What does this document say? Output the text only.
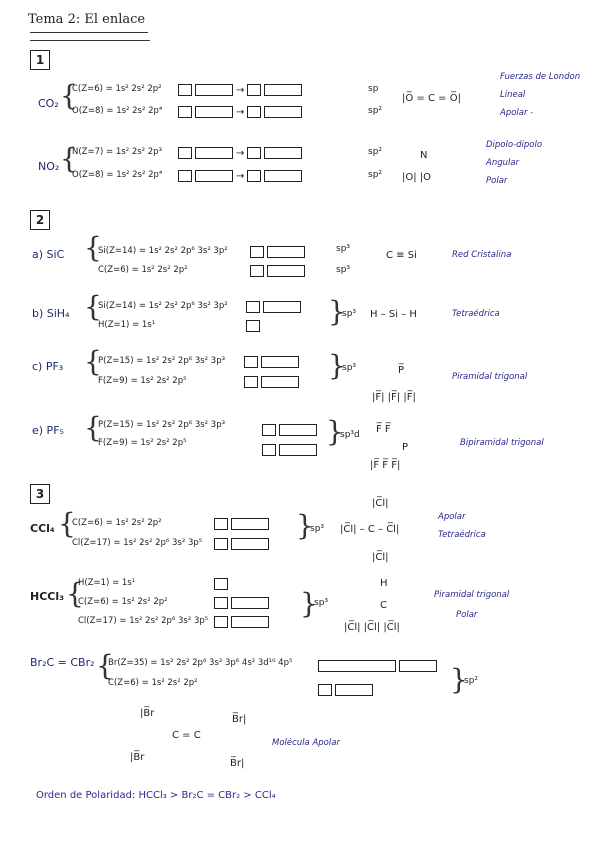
Tema 2: El enlace
1
CO₂ {
C(Z=6) = 1s² 2s² 2p²
O(Z=8) = 1s² 2s² 2p⁴
→
→
sp
sp²
|O̅ = C = O̅|
Fuerzas de London
Lineal
Apolar -
NO₂ {
N(Z=7) = 1s² 2s² 2p³
O(Z=8) = 1s² 2s² 2p⁴
→
→
sp²
sp²
N
|O| |O
Dipolo-dipolo
Angular
Polar
2
a) SiC {
Si(Z=14) = 1s² 2s² 2p⁶ 3s² 3p²
C(Z=6) = 1s² 2s² 2p²
sp³
sp³
C ≡ Si	Red Cristalina
b) SiH₄ {
Si(Z=14) = 1s² 2s² 2p⁶ 3s² 3p²
H(Z=1) = 1s¹	}
sp³ H – Si – H	Tetraédrica
c) PF₃ {
P(Z=15) = 1s² 2s² 2p⁶ 3s² 3p³
F(Z=9) = 1s² 2s² 2p⁵	}
sp³	P̅
|F̅| |F̅| |F̅|
Piramidal trigonal
e) PF₅ {
P(Z=15) = 1s² 2s² 2p⁶ 3s² 3p³
F(Z=9) = 1s² 2s² 2p⁵	}
sp³d F̅ F̅
P
|F̅ F̅ F̅|
Bipiramidal trigonal
3
CCl₄ {
C(Z=6) = 1s² 2s² 2p²
Cl(Z=17) = 1s² 2s² 2p⁶ 3s² 3p⁵
}
sp³
|C̅l|
|C̅l| – C – C̅l|
|C̅l|
Apolar
Tetraédrica
HCCl₃ {
H(Z=1) = 1s¹
C(Z=6) = 1s² 2s² 2p²
Cl(Z=17) = 1s² 2s² 2p⁶ 3s² 3p⁵
}
sp³
H
C
|C̅l| |C̅l| |C̅l|
Piramidal trigonal
Polar
Br₂C = CBr₂ {
Br(Z=35) = 1s² 2s² 2p⁶ 3s² 3p⁶ 4s² 3d¹⁰ 4p⁵
C(Z=6) = 1s² 2s² 2p²	}
sp²
|B̅r
B̅r|
C = C
|B̅r
B̅r|
Molécula Apolar
Orden de Polaridad: HCCl₃ > Br₂C = CBr₂ > CCl₄
